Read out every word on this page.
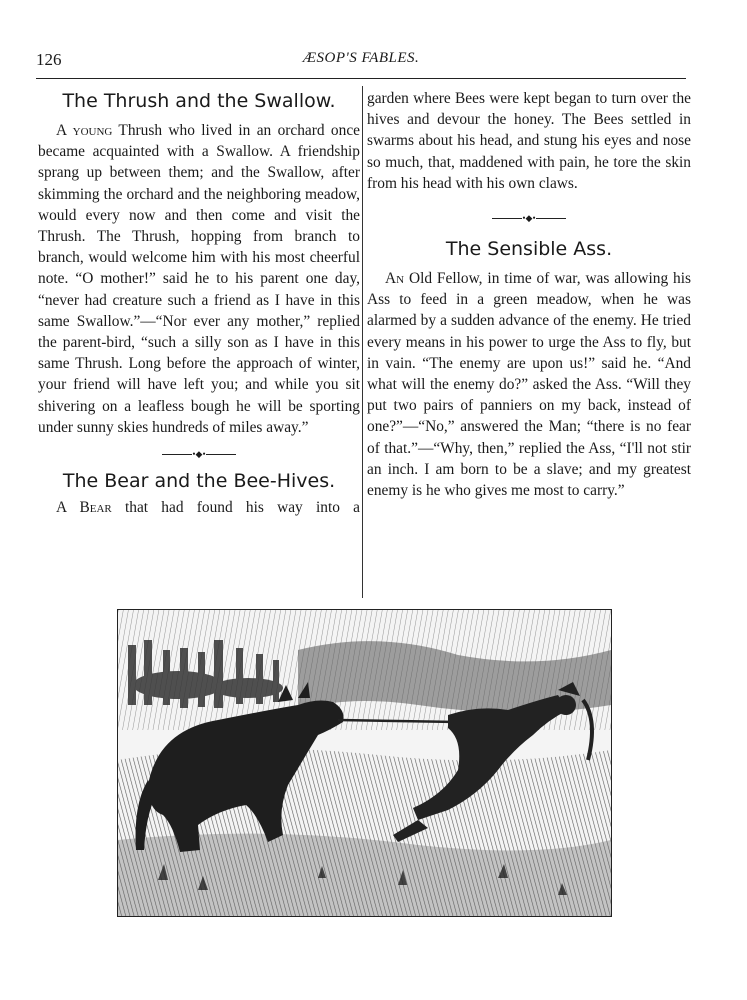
126	ÆSOP'S FABLES.
The Thrush and the Swallow.

A young Thrush who lived in an orchard once became acquainted with a Swallow. A friendship sprang up between them; and the Swallow, after skimming the orchard and the neighboring meadow, would every now and then come and visit the Thrush. The Thrush, hopping from branch to branch, would welcome him with his most cheerful note. “O mother!” said he to his parent one day, “never had creature such a friend as I have in this same Swallow.”—“Nor ever any mother,” replied the parent-bird, “such a silly son as I have in this same Thrush. Long before the approach of winter, your friend will have left you; and while you sit shivering on a leafless bough he will be sporting under sunny skies hundreds of miles away.”

•◆•
The Bear and the Bee-Hives.

A Bear that had found his way into a

garden where Bees were kept began to turn over the hives and devour the honey. The Bees settled in swarms about his head, and stung his eyes and nose so much, that, maddened with pain, he tore the skin from his head with his own claws.

•◆•
The Sensible Ass.

An Old Fellow, in time of war, was allowing his Ass to feed in a green meadow, when he was alarmed by a sudden advance of the enemy. He tried every means in his power to urge the Ass to fly, but in vain. “The enemy are upon us!” said he. “And what will the enemy do?” asked the Ass. “Will they put two pairs of panniers on my back, instead of one?”—“No,” answered the Man; “there is no fear of that.”—“Why, then,” replied the Ass, “I'll not stir an inch. I am born to be a slave; and my greatest enemy is he who gives me most to carry.”
